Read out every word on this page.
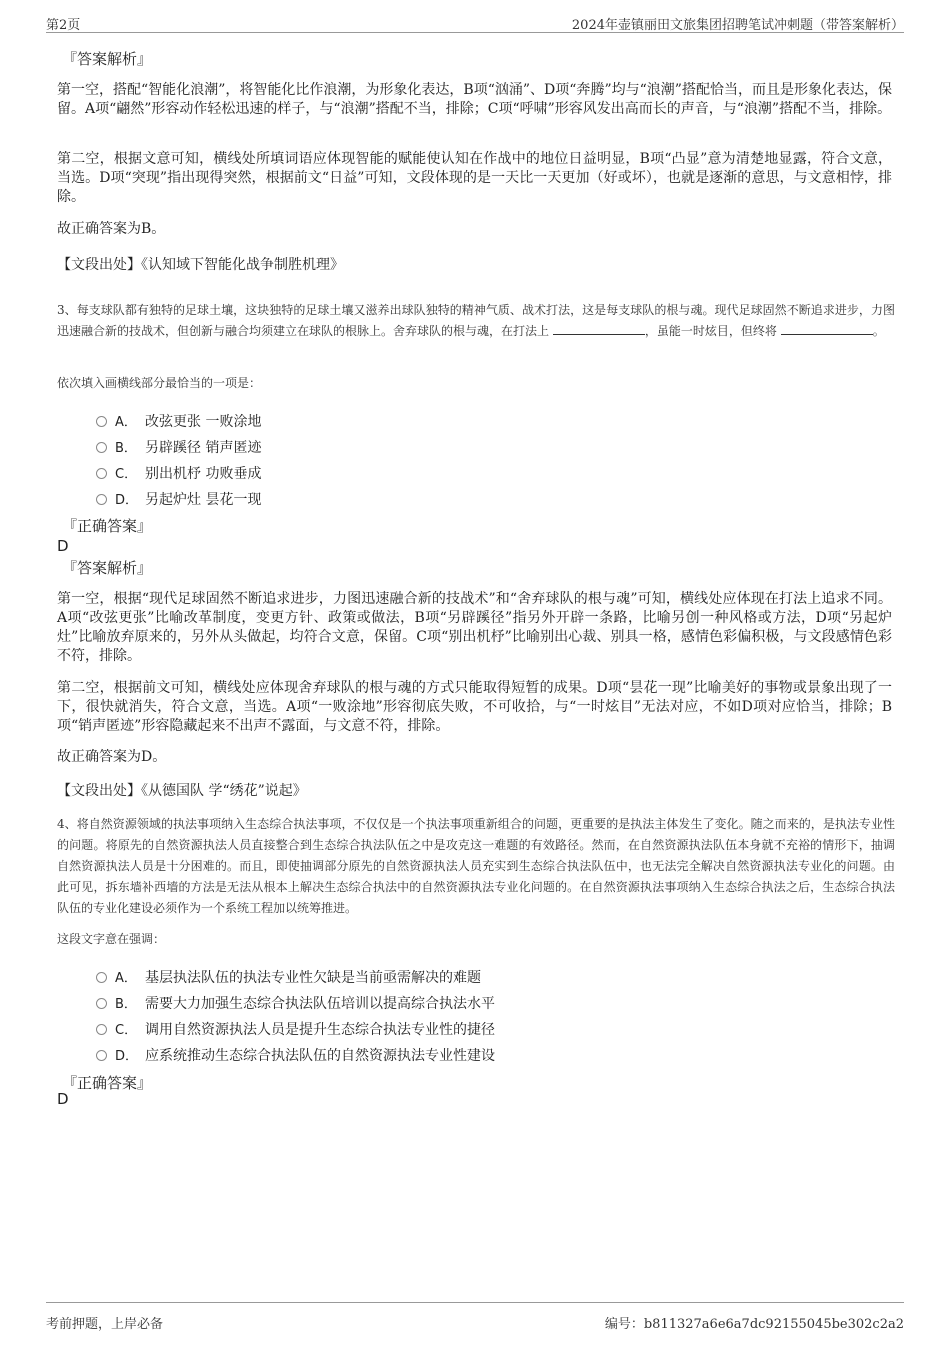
第2页	2024年壶镇丽田文旅集团招聘笔试冲刺题（带答案解析）
『答案解析』
第一空，搭配“智能化浪潮”，将智能化比作浪潮，为形象化表达，B项“汹涌”、D项“奔腾”均与“浪潮”搭配恰当，而且是形象化表达，保留。A项“翩然”形容动作轻松迅速的样子，与“浪潮”搭配不当，排除；C项“呼啸”形容风发出高而长的声音，与“浪潮”搭配不当，排除。
第二空，根据文意可知，横线处所填词语应体现智能的赋能使认知在作战中的地位日益明显，B项“凸显”意为清楚地显露，符合文意，当选。D项“突现”指出现得突然，根据前文“日益”可知，文段体现的是一天比一天更加（好或坏），也就是逐渐的意思，与文意相悖，排除。
故正确答案为B。
【文段出处】《认知域下智能化战争制胜机理》
3、每支球队都有独特的足球土壤，这块独特的足球土壤又滋养出球队独特的精神气质、战术打法，这是每支球队的根与魂。现代足球固然不断追求进步，力图迅速融合新的技战术，但创新与融合均须建立在球队的根脉上。舍弃球队的根与魂，在打法上	，虽能一时炫目，但终将	。
依次填入画横线部分最恰当的一项是：
A． 改弦更张 一败涂地
B． 另辟蹊径 销声匿迹
C． 别出机杼 功败垂成
D． 另起炉灶 昙花一现
『正确答案』
D
『答案解析』
第一空，根据“现代足球固然不断追求进步，力图迅速融合新的技战术”和“舍弃球队的根与魂”可知，横线处应体现在打法上追求不同。A项“改弦更张”比喻改革制度，变更方针、政策或做法，B项“另辟蹊径”指另外开辟一条路，比喻另创一种风格或方法，D项“另起炉灶”比喻放弃原来的，另外从头做起，均符合文意，保留。C项“别出机杼”比喻别出心裁、别具一格，感情色彩偏积极，与文段感情色彩不符，排除。
第二空，根据前文可知，横线处应体现舍弃球队的根与魂的方式只能取得短暂的成果。D项“昙花一现”比喻美好的事物或景象出现了一下，很快就消失，符合文意，当选。A项“一败涂地”形容彻底失败，不可收拾，与“一时炫目”无法对应，不如D项对应恰当，排除；B项“销声匿迹”形容隐藏起来不出声不露面，与文意不符，排除。
故正确答案为D。
【文段出处】《从德国队 学“绣花”说起》
4、将自然资源领域的执法事项纳入生态综合执法事项，不仅仅是一个执法事项重新组合的问题，更重要的是执法主体发生了变化。随之而来的，是执法专业性的问题。将原先的自然资源执法人员直接整合到生态综合执法队伍之中是攻克这一难题的有效路径。然而，在自然资源执法队伍本身就不充裕的情形下，抽调自然资源执法人员是十分困难的。而且，即使抽调部分原先的自然资源执法人员充实到生态综合执法队伍中，也无法完全解决自然资源执法专业化的问题。由此可见，拆东墙补西墙的方法是无法从根本上解决生态综合执法中的自然资源执法专业化问题的。在自然资源执法事项纳入生态综合执法之后，生态综合执法队伍的专业化建设必须作为一个系统工程加以统筹推进。
这段文字意在强调：
A． 基层执法队伍的执法专业性欠缺是当前亟需解决的难题
B． 需要大力加强生态综合执法队伍培训以提高综合执法水平
C． 调用自然资源执法人员是提升生态综合执法专业性的捷径
D． 应系统推动生态综合执法队伍的自然资源执法专业性建设
『正确答案』
D
考前押题，上岸必备	编号：b811327a6e6a7dc92155045be302c2a2
